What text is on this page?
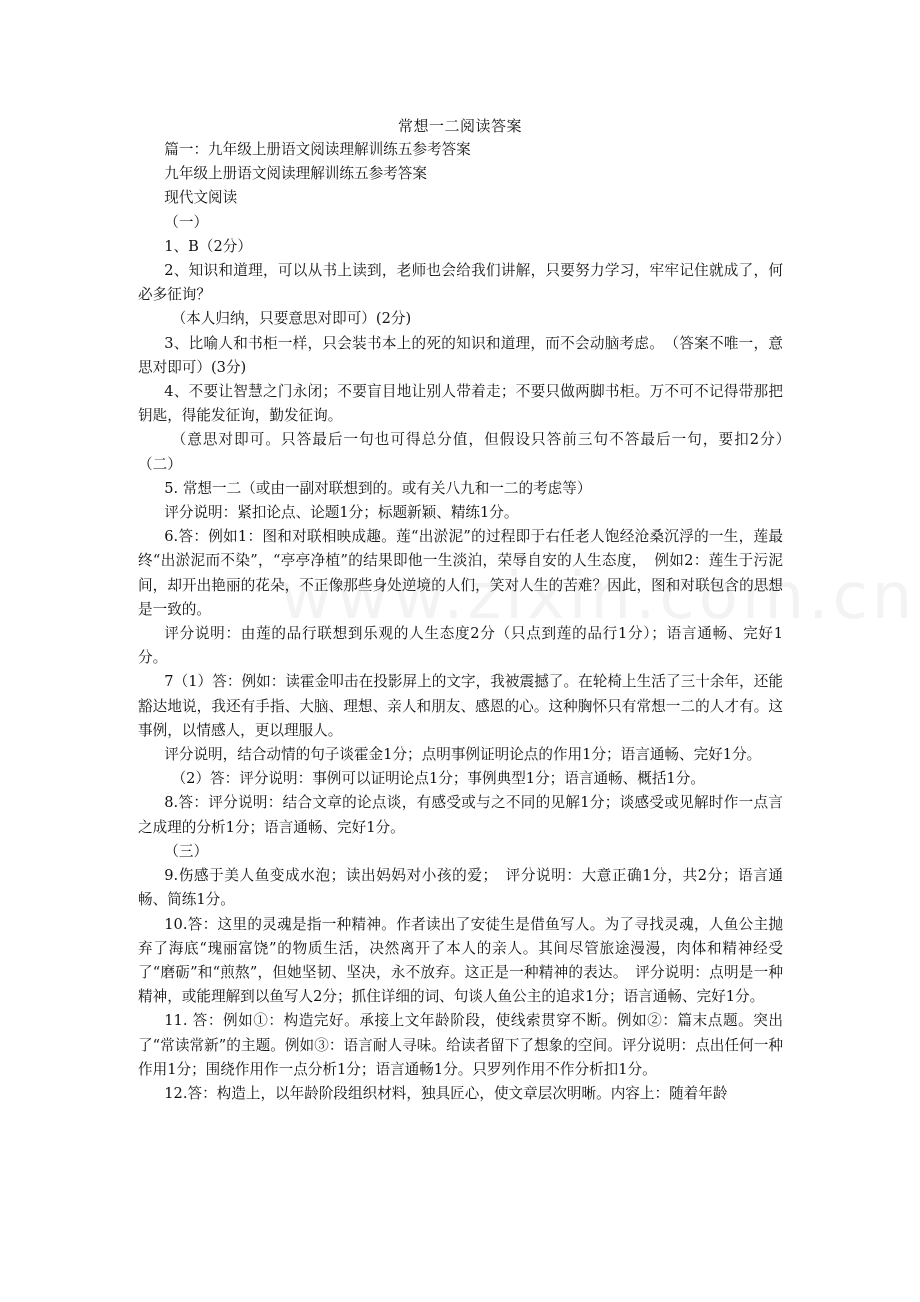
常想一二阅读答案

篇一：九年级上册语文阅读理解训练五参考答案

九年级上册语文阅读理解训练五参考答案

现代文阅读

（一）

1、B（2分）

2、知识和道理，可以从书上读到，老师也会给我们讲解，只要努力学习，牢牢记住就成了，何必多征询？

（本人归纳，只要意思对即可）(2分)

3、比喻人和书柜一样，只会装书本上的死的知识和道理，而不会动脑考虑。　（答案不唯一，意思对即可）(3分)

4、不要让智慧之门永闭；不要盲目地让别人带着走；不要只做两脚书柜。万不可不记得带那把钥匙，得能发征询，勤发征询。

（意思对即可。只答最后一句也可得总分值，但假设只答前三句不答最后一句，要扣2分）　（二）

5. 常想一二（或由一副对联想到的。或有关八九和一二的考虑等）

评分说明：紧扣论点、论题1分；标题新颖、精练1分。

6.答：例如1：图和对联相映成趣。莲“出淤泥”的过程即于右任老人饱经沧桑沉浮的一生，莲最终“出淤泥而不染”，“亭亭净植”的结果即他一生淡泊，荣辱自安的人生态度，　例如2：莲生于污泥间，却开出艳丽的花朵，不正像那些身处逆境的人们，笑对人生的苦难？因此，图和对联包含的思想是一致的。

评分说明：由莲的品行联想到乐观的人生态度2分（只点到莲的品行1分）；语言通畅、完好1分。

7（1）答：例如：读霍金叩击在投影屏上的文字，我被震撼了。在轮椅上生活了三十余年，还能豁达地说，我还有手指、大脑、理想、亲人和朋友、感恩的心。这种胸怀只有常想一二的人才有。这事例，以情感人，更以理服人。

评分说明，结合动情的句子谈霍金1分；点明事例证明论点的作用1分；语言通畅、完好1分。

（2）答：评分说明：事例可以证明论点1分；事例典型1分；语言通畅、概括1分。

8.答：评分说明：结合文章的论点谈，有感受或与之不同的见解1分；谈感受或见解时作一点言之成理的分析1分；语言通畅、完好1分。

（三）

9.伤感于美人鱼变成水泡；读出妈妈对小孩的爱；　评分说明：大意正确1分，共2分；语言通畅、简练1分。

10.答：这里的灵魂是指一种精神。作者读出了安徒生是借鱼写人。为了寻找灵魂，人鱼公主抛弃了海底“瑰丽富饶”的物质生活，决然离开了本人的亲人。其间尽管旅途漫漫，肉体和精神经受了“磨砺”和“煎熬”，但她坚韧、坚决，永不放弃。这正是一种精神的表达。　评分说明：点明是一种精神，或能理解到以鱼写人2分；抓住详细的词、句谈人鱼公主的追求1分；语言通畅、完好1分。

11. 答：例如①：构造完好。承接上文年龄阶段，使线索贯穿不断。例如②：篇末点题。突出了“常读常新”的主题。例如③：语言耐人寻味。给读者留下了想象的空间。评分说明：点出任何一种作用1分；围绕作用作一点分析1分；语言通畅1分。只罗列作用不作分析扣1分。

12.答：构造上，以年龄阶段组织材料，独具匠心，使文章层次明晰。内容上：随着年龄
